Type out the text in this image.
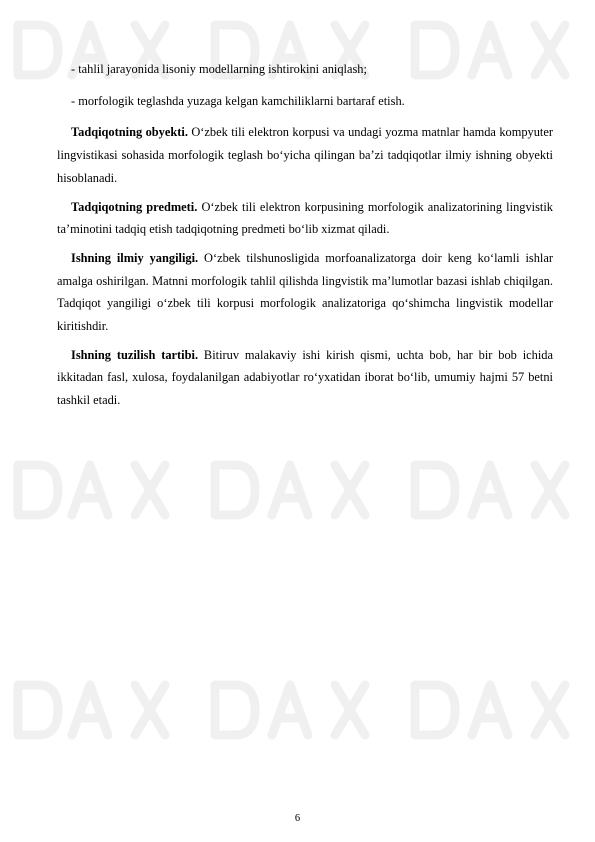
- tahlil jarayonida lisoniy modellarning ishtirokini aniqlash;

- morfologik teglashda yuzaga kelgan kamchiliklarni bartaraf etish.

Tadqiqotning obyekti. O‘zbek tili elektron korpusi va undagi yozma matnlar hamda kompyuter lingvistikasi sohasida morfologik teglash bo‘yicha qilingan ba’zi tadqiqotlar ilmiy ishning obyekti hisoblanadi.

Tadqiqotning predmeti. O‘zbek tili elektron korpusining morfologik analizatorining lingvistik ta’minotini tadqiq etish tadqiqotning predmeti bo‘lib xizmat qiladi.

Ishning ilmiy yangiligi. O‘zbek tilshunosligida morfoanalizatorga doir keng ko‘lamli ishlar amalga oshirilgan. Matnni morfologik tahlil qilishda lingvistik ma’lumotlar bazasi ishlab chiqilgan. Tadqiqot yangiligi o‘zbek tili korpusi morfologik analizatoriga qo‘shimcha lingvistik modellar kiritishdir.

Ishning tuzilish tartibi. Bitiruv malakaviy ishi kirish qismi, uchta bob, har bir bob ichida ikkitadan fasl, xulosa, foydalanilgan adabiyotlar ro‘yxatidan iborat bo‘lib, umumiy hajmi 57 betni tashkil etadi.

6
